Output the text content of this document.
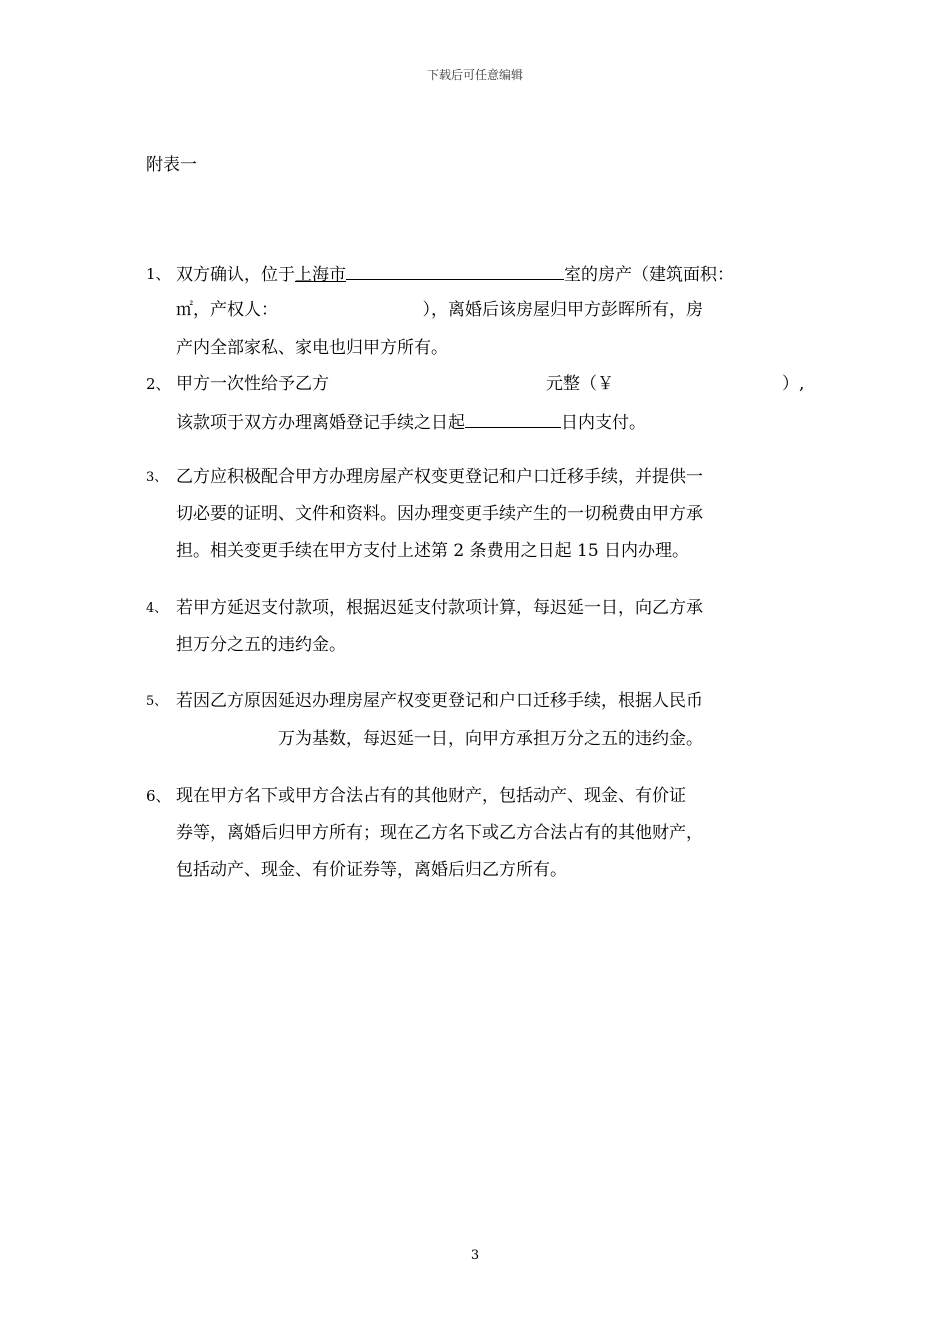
下载后可任意编辑
附表一
1、 双方确认，位于上海市	室的房产（建筑面积：
㎡，产权人：　　　　　　　　　），离婚后该房屋归甲方彭晖所有，房
产内全部家私、家电也归甲方所有。
2、 甲方一次性给予乙方	元整（￥	）,
该款项于双方办理离婚登记手续之日起	日内支付。
3、 乙方应积极配合甲方办理房屋产权变更登记和户口迁移手续，并提供一
切必要的证明、文件和资料。因办理变更手续产生的一切税费由甲方承
担。相关变更手续在甲方支付上述第 2 条费用之日起 15 日内办理。
4、 若甲方延迟支付款项，根据迟延支付款项计算，每迟延一日，向乙方承
担万分之五的违约金。
5、 若因乙方原因延迟办理房屋产权变更登记和户口迁移手续，根据人民币
万为基数，每迟延一日，向甲方承担万分之五的违约金。
6、 现在甲方名下或甲方合法占有的其他财产，包括动产、现金、有价证
券等，离婚后归甲方所有；现在乙方名下或乙方合法占有的其他财产，
包括动产、现金、有价证券等，离婚后归乙方所有。
3
